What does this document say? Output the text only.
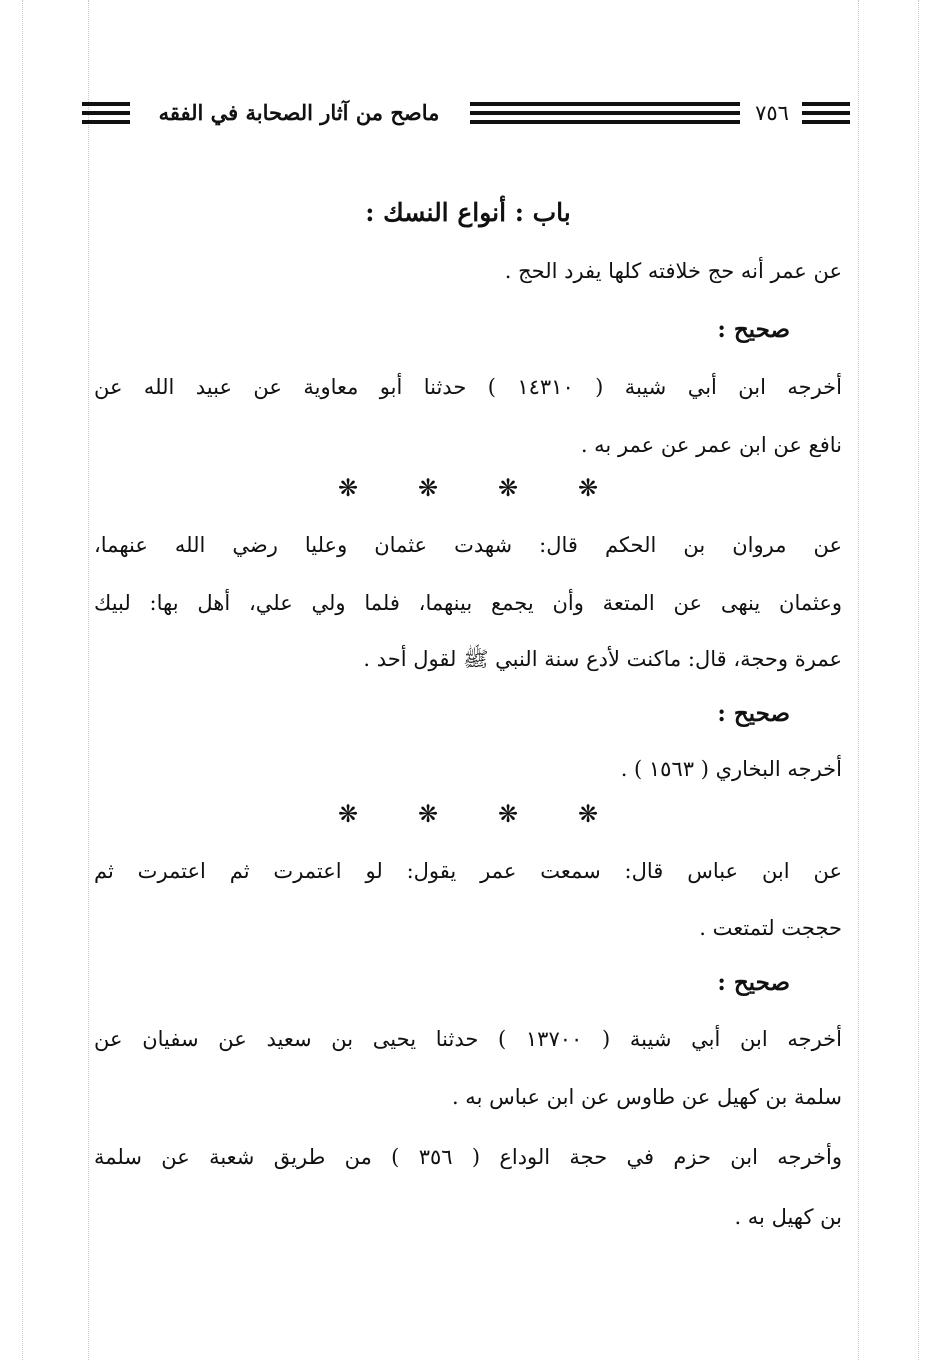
ماصح من آثار الصحابة في الفقه	٧٥٦
باب : أنواع النسك :
عن عمر أنه حج خلافته كلها يفرد الحج .
صحيح :
أخرجه ابن أبي شيبة ( ١٤٣١٠ ) حدثنا أبو معاوية عن عبيد الله عن
نافع عن ابن عمر عن عمر به .
❋ ❋ ❋ ❋
عن مروان بن الحكم قال: شهدت عثمان وعليا رضي الله عنهما،
وعثمان ينهى عن المتعة وأن يجمع بينهما، فلما ولي علي، أهل بها: لبيك
عمرة وحجة، قال: ماكنت لأدع سنة النبي ﷺ لقول أحد .
صحيح :
أخرجه البخاري ( ١٥٦٣ ) .
❋ ❋ ❋ ❋
عن ابن عباس قال: سمعت عمر يقول: لو اعتمرت ثم اعتمرت ثم
حججت لتمتعت .
صحيح :
أخرجه ابن أبي شيبة ( ١٣٧٠٠ ) حدثنا يحيى بن سعيد عن سفيان عن
سلمة بن كهيل عن طاوس عن ابن عباس به .
وأخرجه ابن حزم في حجة الوداع ( ٣٥٦ ) من طريق شعبة عن سلمة
بن كهيل به .
